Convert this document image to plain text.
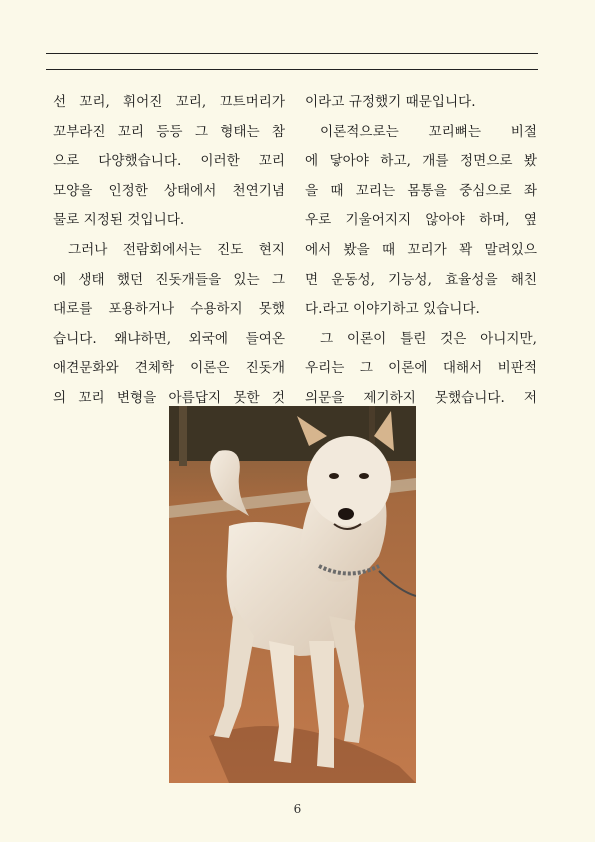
선 꼬리, 휘어진 꼬리, 끄트머리가
꼬부라진 꼬리 등등 그 형태는 참
으로 다양했습니다. 이러한 꼬리
모양을 인정한 상태에서 천연기념
물로 지정된 것입니다.
그러나 전람회에서는 진도 현지
에 생태 했던 진돗개들을 있는 그
대로를 포용하거나 수용하지 못했
습니다. 왜냐하면, 외국에 들여온
애견문화와 견체학 이론은 진돗개
의 꼬리 변형을 아름답지 못한 것
이라고 규정했기 때문입니다.
이론적으로는 꼬리뼈는 비절
에 닿아야 하고, 개를 정면으로 봤
을 때 꼬리는 몸통을 중심으로 좌
우로 기울어지지 않아야 하며, 옆
에서 봤을 때 꼬리가 꽉 말려있으
면 운동성, 기능성, 효율성을 해친
다.라고 이야기하고 있습니다.
그 이론이 틀린 것은 아니지만,
우리는 그 이론에 대해서 비판적
의문을 제기하지 못했습니다. 저
6
